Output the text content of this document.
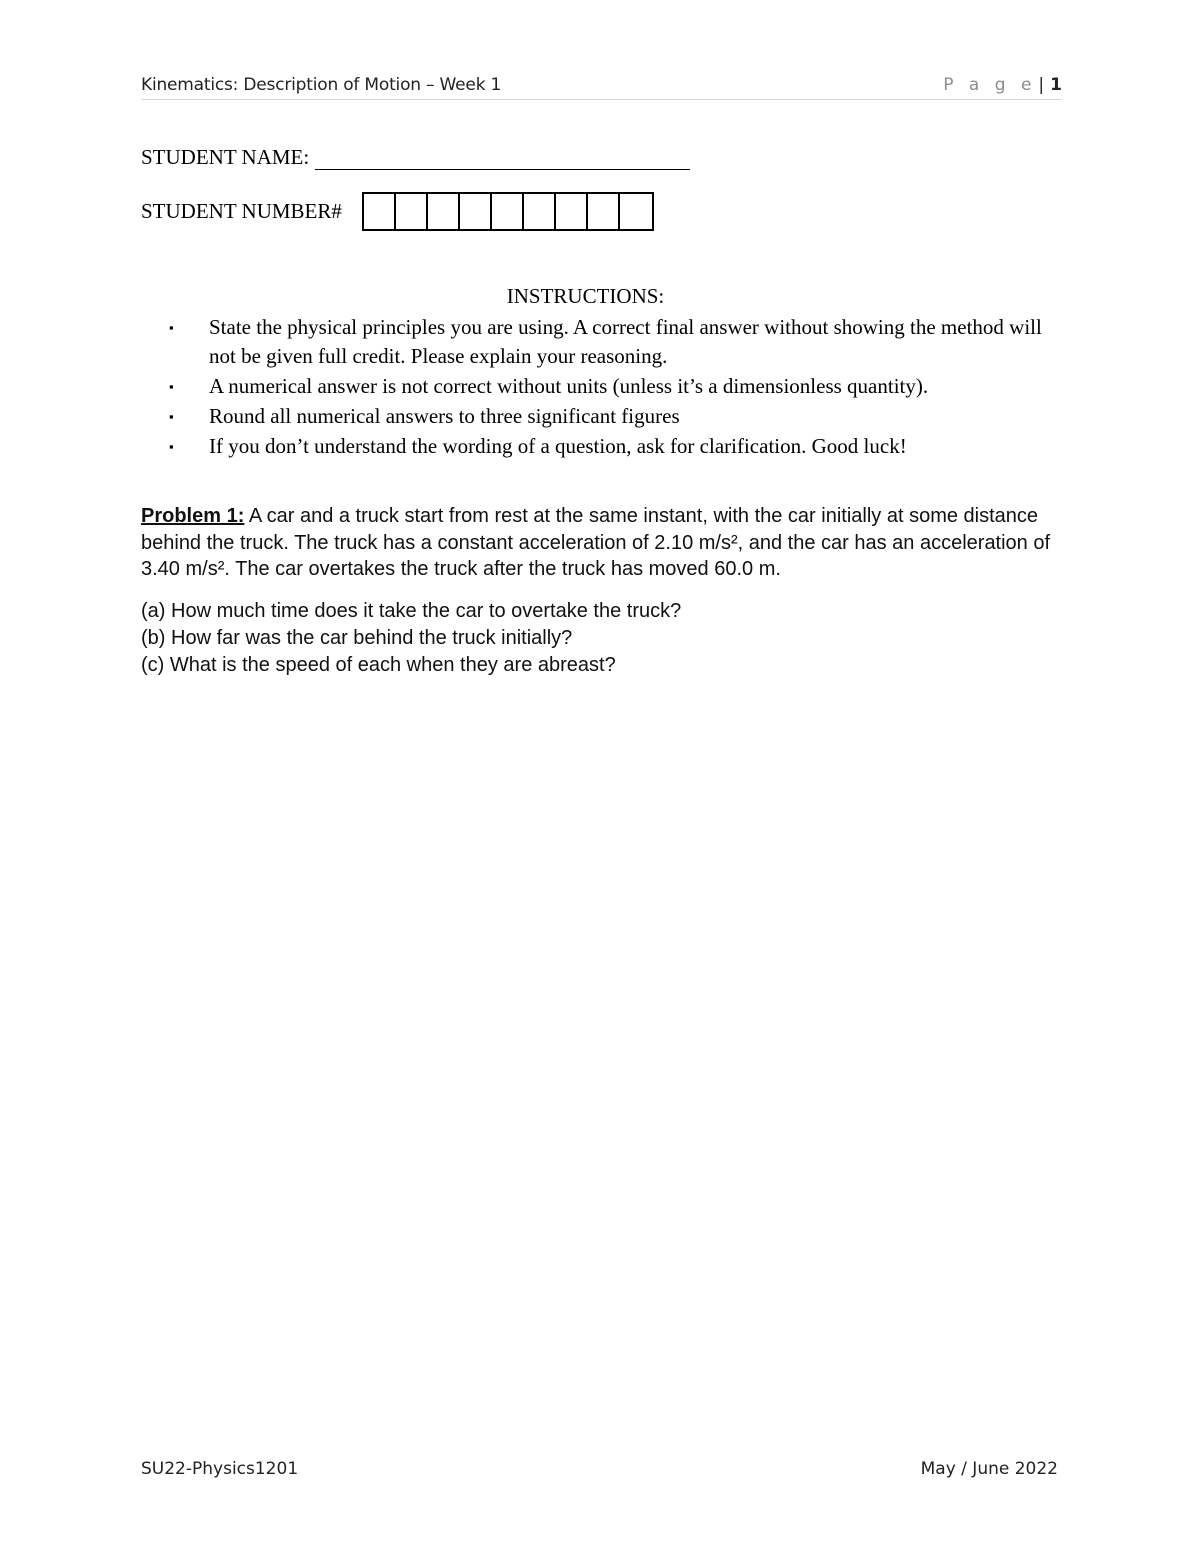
Kinematics: Description of Motion – Week 1	P a g e | 1
STUDENT NAME:
STUDENT NUMBER#
INSTRUCTIONS:
▪ State the physical principles you are using. A correct final answer without showing the method will not be given full credit. Please explain your reasoning.
▪ A numerical answer is not correct without units (unless it’s a dimensionless quantity).
▪ Round all numerical answers to three significant figures
▪ If you don’t understand the wording of a question, ask for clarification. Good luck!
Problem 1: A car and a truck start from rest at the same instant, with the car initially at some distance behind the truck. The truck has a constant acceleration of 2.10 m/s², and the car has an acceleration of 3.40 m/s². The car overtakes the truck after the truck has moved 60.0 m.
(a) How much time does it take the car to overtake the truck?
(b) How far was the car behind the truck initially?
(c) What is the speed of each when they are abreast?
SU22-Physics1201	May / June 2022
